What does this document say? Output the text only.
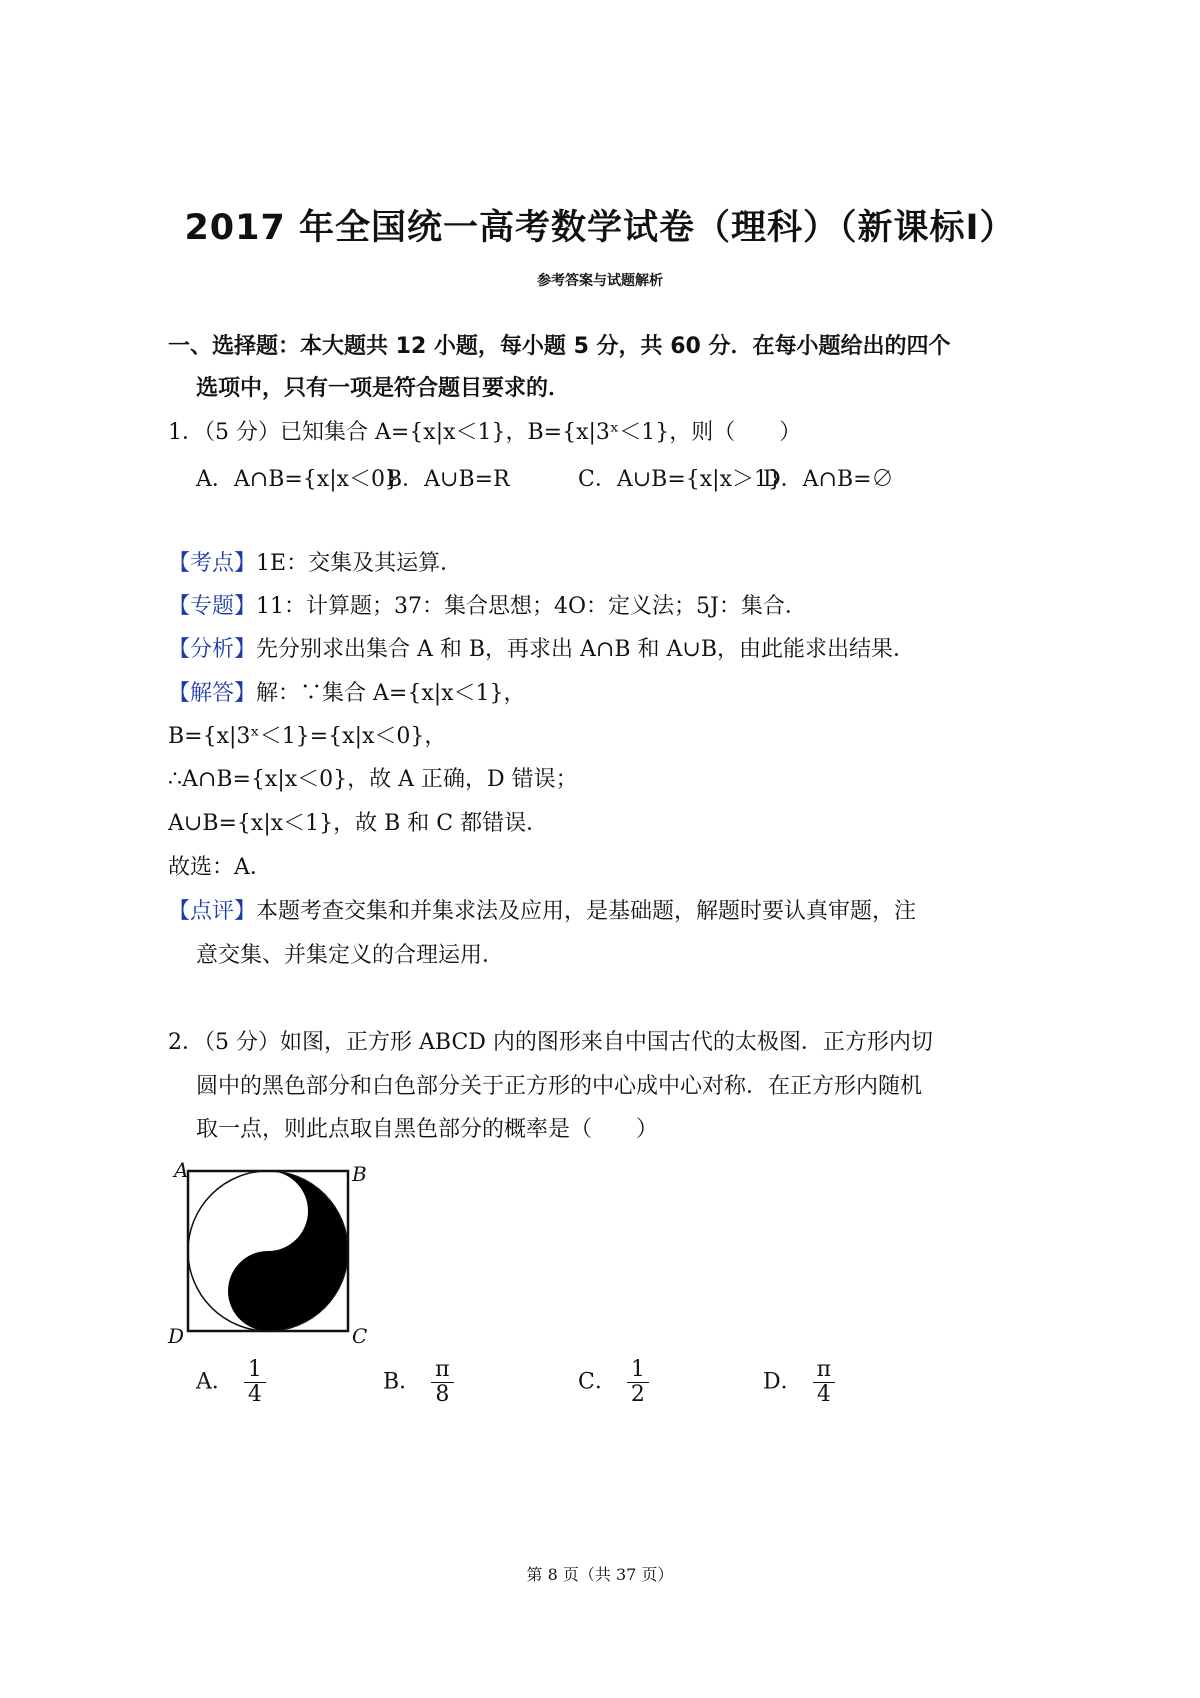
2017 年全国统一高考数学试卷（理科）（新课标Ⅰ）
参考答案与试题解析
一、选择题：本大题共 12 小题，每小题 5 分，共 60 分．在每小题给出的四个
选项中，只有一项是符合题目要求的．
1．（5 分）已知集合 A={x|x＜1}，B={x|3ˣ＜1}，则（　　）
A．A∩B={x|x＜0}
B．A∪B=R	C．A∪B={x|x＞1}
D．A∩B=∅
【考点】1E：交集及其运算．
【专题】11：计算题；37：集合思想；4O：定义法；5J：集合．
【分析】先分别求出集合 A 和 B，再求出 A∩B 和 A∪B，由此能求出结果．
【解答】解：∵集合 A={x|x＜1}，
B={x|3ˣ＜1}={x|x＜0}，
∴A∩B={x|x＜0}，故 A 正确，D 错误；
A∪B={x|x＜1}，故 B 和 C 都错误．
故选：A．
【点评】本题考查交集和并集求法及应用，是基础题，解题时要认真审题，注
意交集、并集定义的合理运用．
2．（5 分）如图，正方形 ABCD 内的图形来自中国古代的太极图．正方形内切
圆中的黑色部分和白色部分关于正方形的中心成中心对称．在正方形内随机
取一点，则此点取自黑色部分的概率是（　　）
A	B
C
D
A． $\frac{1}{4}$	B． $\frac{\pi}{8}$	C． $\frac{1}{2}$	D． $\frac{\pi}{4}$
第 8 页（共 37 页）
